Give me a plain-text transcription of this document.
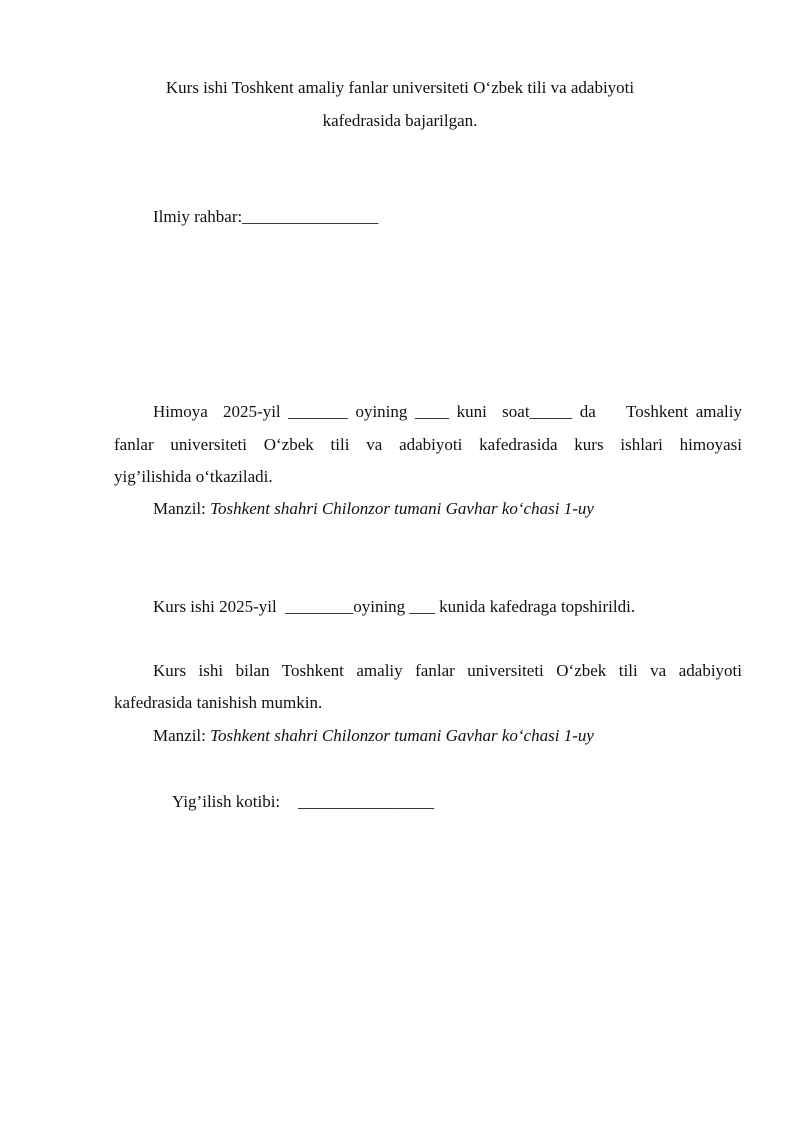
Kurs ishi Toshkent amaliy fanlar universiteti O‘zbek tili va adabiyoti
kafedrasida bajarilgan.
Ilmiy rahbar:________________
Himoya  2025-yil _______ oyining ____ kuni  soat_____ da    Toshkent amaliy
fanlar universiteti O‘zbek tili va adabiyoti kafedrasida kurs ishlari himoyasi
yig’ilishida o‘tkaziladi.
Manzil: Toshkent shahri Chilonzor tumani Gavhar ko‘chasi 1-uy
Kurs ishi 2025-yil  ________oyining ___ kunida kafedraga topshirildi.
Kurs ishi bilan Toshkent amaliy fanlar universiteti O‘zbek tili va adabiyoti
kafedrasida tanishish mumkin.
Manzil: Toshkent shahri Chilonzor tumani Gavhar ko‘chasi 1-uy
Yig’ilish kotibi: ________________
